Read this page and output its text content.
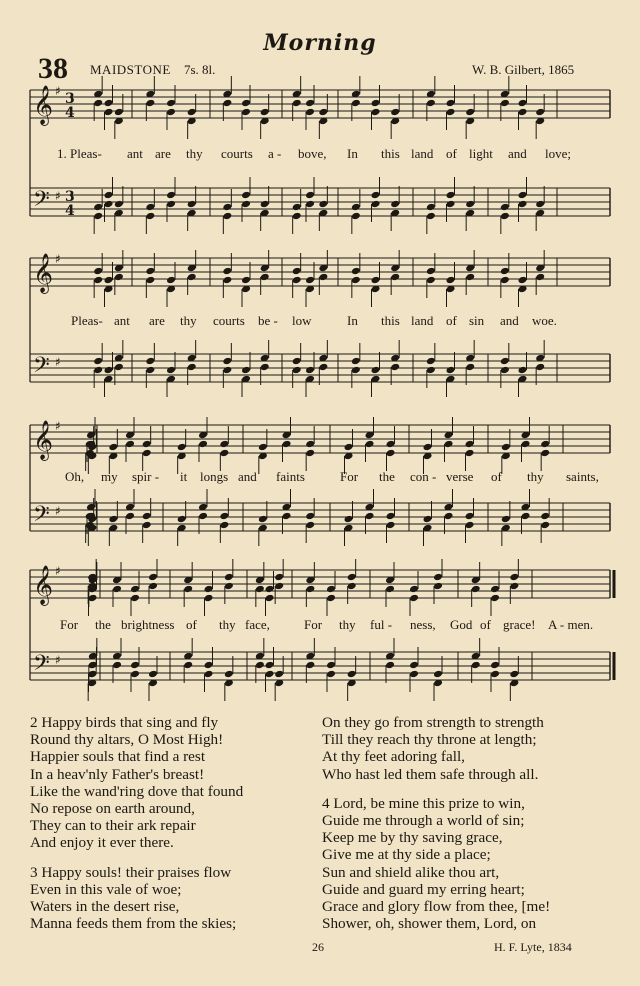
Morning
38 MAIDSTONE 7s. 8l.	W. B. Gilbert, 1865
𝄞 ♯ 3
4
𝄢 ♯ 3
4
𝄞 ♯
𝄢 ♯
𝄞 ♯
𝄢 ♯
𝄞 ♯
𝄢 ♯
1. Pleas- ant are thy courts a - bove, In this land of light and love;
Pleas- ant are thy courts be - low	In this land of sin and woe.
Oh, my spir - it longs and faints	For the con - verse of thy saints,
For the brightness of thy face,	For thy ful - ness, God of grace! A - men.
2 Happy birds that sing and fly
Round thy altars, O Most High!
Happier souls that find a rest
In a heav'nly Father's breast!
Like the wand'ring dove that found
No repose on earth around,
They can to their ark repair
And enjoy it ever there.
3 Happy souls! their praises flow
Even in this vale of woe;
Waters in the desert rise,
Manna feeds them from the skies;
On they go from strength to strength
Till they reach thy throne at length;
At thy feet adoring fall,
Who hast led them safe through all.
4 Lord, be mine this prize to win,
Guide me through a world of sin;
Keep me by thy saving grace,
Give me at thy side a place;
Sun and shield alike thou art,
Guide and guard my erring heart;
Grace and glory flow from thee, [me!
Shower, oh, shower them, Lord, on
26	H. F. Lyte, 1834
